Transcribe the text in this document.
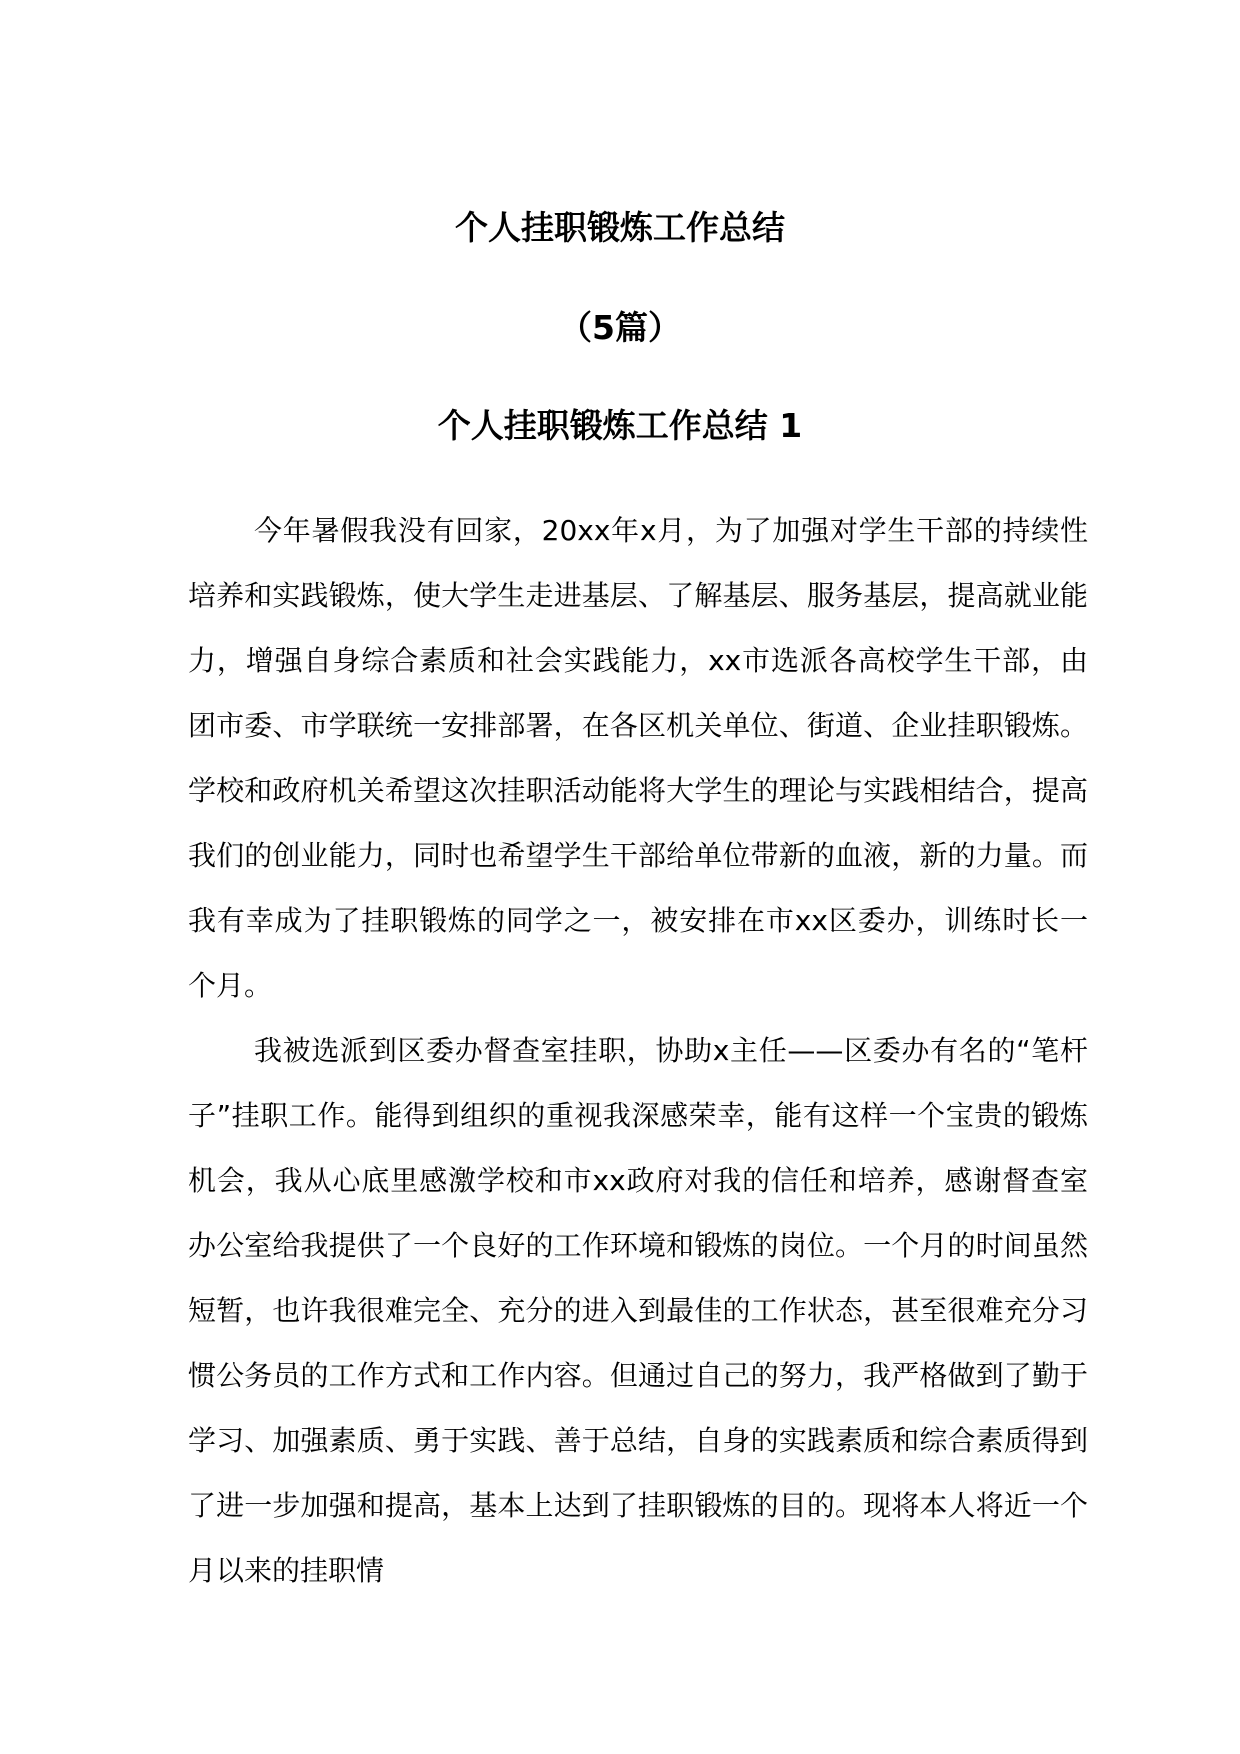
个人挂职锻炼工作总结
（5篇）
个人挂职锻炼工作总结 1

今年暑假我没有回家，20xx年x月，为了加强对学生干部的持续性培养和实践锻炼，使大学生走进基层、了解基层、服务基层，提高就业能力，增强自身综合素质和社会实践能力，xx市选派各高校学生干部，由团市委、市学联统一安排部署，在各区机关单位、街道、企业挂职锻炼。学校和政府机关希望这次挂职活动能将大学生的理论与实践相结合，提高我们的创业能力，同时也希望学生干部给单位带新的血液，新的力量。而我有幸成为了挂职锻炼的同学之一，被安排在市xx区委办，训练时长一个月。

我被选派到区委办督查室挂职，协助x主任——区委办有名的“笔杆子”挂职工作。能得到组织的重视我深感荣幸，能有这样一个宝贵的锻炼机会，我从心底里感激学校和市xx政府对我的信任和培养，感谢督查室办公室给我提供了一个良好的工作环境和锻炼的岗位。一个月的时间虽然短暂，也许我很难完全、充分的进入到最佳的工作状态，甚至很难充分习惯公务员的工作方式和工作内容。但通过自己的努力，我严格做到了勤于学习、加强素质、勇于实践、善于总结，自身的实践素质和综合素质得到了进一步加强和提高，基本上达到了挂职锻炼的目的。现将本人将近一个月以来的挂职情
